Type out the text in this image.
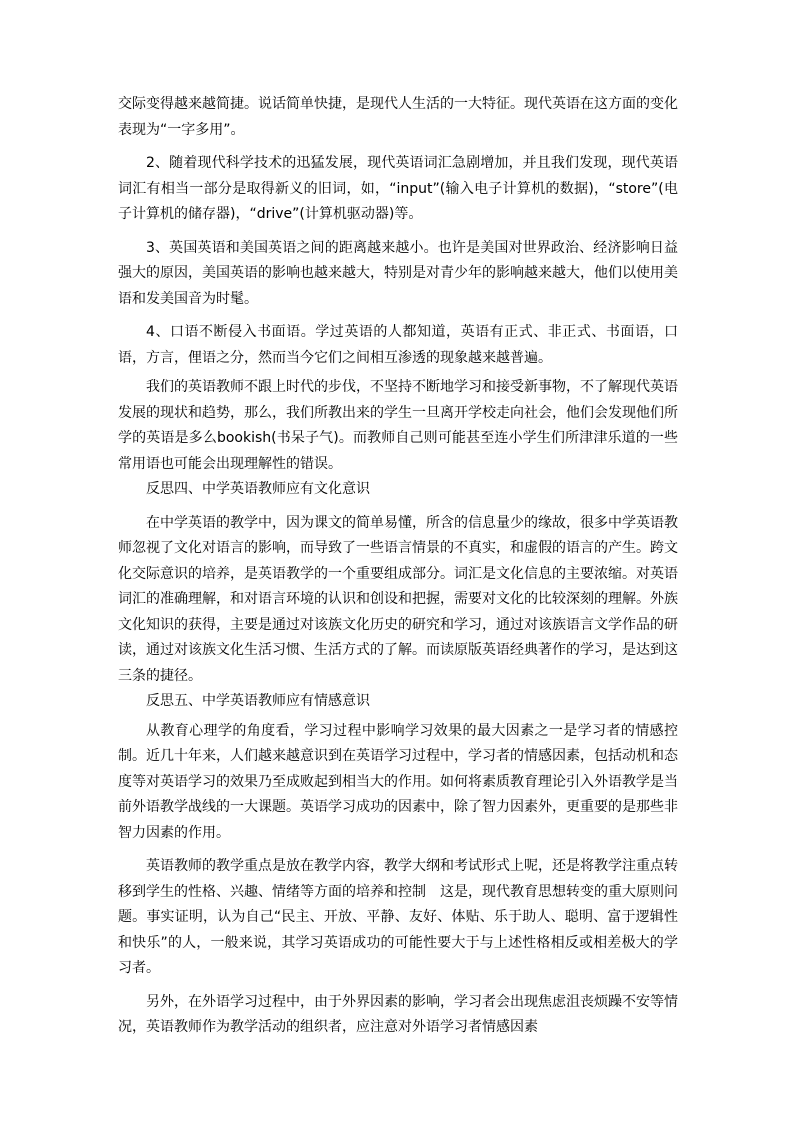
交际变得越来越简捷。说话简单快捷，是现代人生活的一大特征。现代英语在这方面的变化表现为“一字多用”。

2、随着现代科学技术的迅猛发展，现代英语词汇急剧增加，并且我们发现，现代英语词汇有相当一部分是取得新义的旧词，如，“input”(输入电子计算机的数据)，“store”(电子计算机的储存器)，“drive”(计算机驱动器)等。

3、英国英语和美国英语之间的距离越来越小。也许是美国对世界政治、经济影响日益强大的原因，美国英语的影响也越来越大，特别是对青少年的影响越来越大，他们以使用美语和发美国音为时髦。

4、口语不断侵入书面语。学过英语的人都知道，英语有正式、非正式、书面语，口语，方言，俚语之分，然而当今它们之间相互渗透的现象越来越普遍。

我们的英语教师不跟上时代的步伐，不坚持不断地学习和接受新事物，不了解现代英语发展的现状和趋势，那么，我们所教出来的学生一旦离开学校走向社会，他们会发现他们所学的英语是多么bookish(书呆子气)。而教师自己则可能甚至连小学生们所津津乐道的一些常用语也可能会出现理解性的错误。

反思四、中学英语教师应有文化意识

在中学英语的教学中，因为课文的简单易懂，所含的信息量少的缘故，很多中学英语教师忽视了文化对语言的影响，而导致了一些语言情景的不真实，和虚假的语言的产生。跨文化交际意识的培养，是英语教学的一个重要组成部分。词汇是文化信息的主要浓缩。对英语词汇的准确理解，和对语言环境的认识和创设和把握，需要对文化的比较深刻的理解。外族文化知识的获得，主要是通过对该族文化历史的研究和学习，通过对该族语言文学作品的研读，通过对该族文化生活习惯、生活方式的了解。而读原版英语经典著作的学习，是达到这三条的捷径。

反思五、中学英语教师应有情感意识

从教育心理学的角度看，学习过程中影响学习效果的最大因素之一是学习者的情感控制。近几十年来，人们越来越意识到在英语学习过程中，学习者的情感因素，包括动机和态度等对英语学习的效果乃至成败起到相当大的作用。如何将素质教育理论引入外语教学是当前外语教学战线的一大课题。英语学习成功的因素中，除了智力因素外，更重要的是那些非智力因素的作用。

英语教师的教学重点是放在教学内容，教学大纲和考试形式上呢，还是将教学注重点转移到学生的性格、兴趣、情绪等方面的培养和控制　这是，现代教育思想转变的重大原则问题。事实证明，认为自己“民主、开放、平静、友好、体贴、乐于助人、聪明、富于逻辑性和快乐”的人，一般来说，其学习英语成功的可能性要大于与上述性格相反或相差极大的学习者。

另外，在外语学习过程中，由于外界因素的影响，学习者会出现焦虑沮丧烦躁不安等情况，英语教师作为教学活动的组织者，应注意对外语学习者情感因素
